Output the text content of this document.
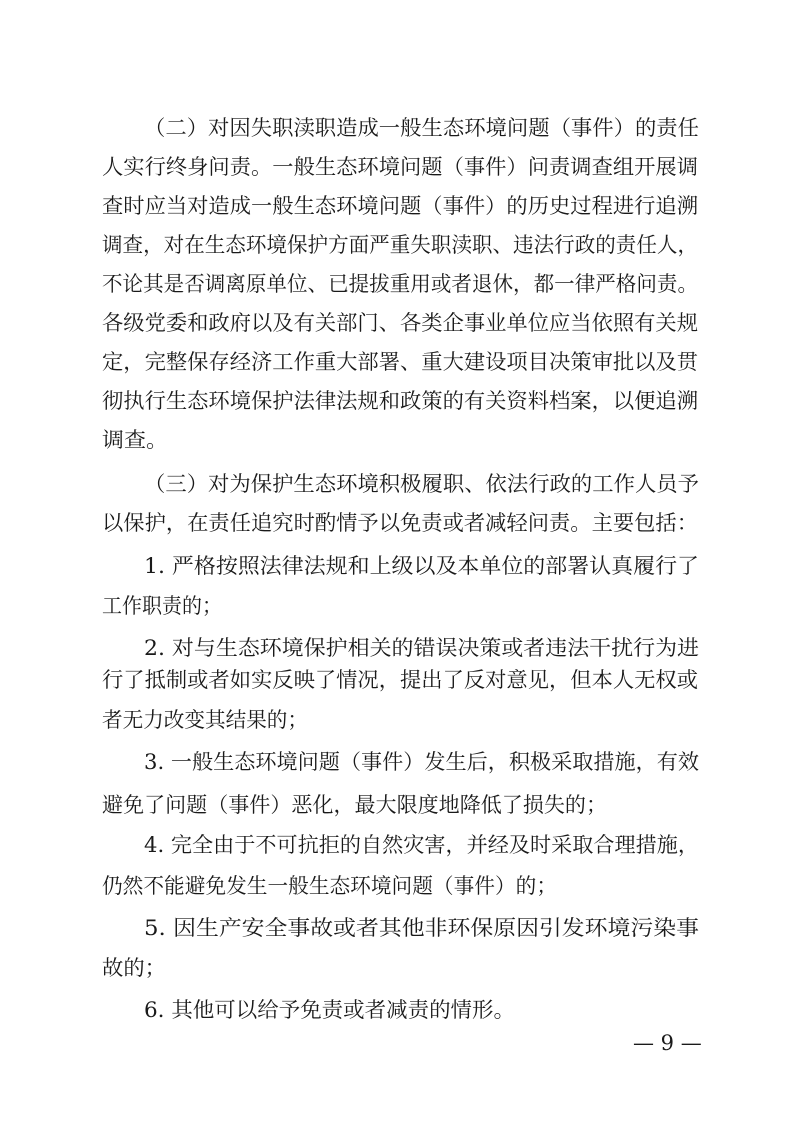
（二）对因失职渎职造成一般生态环境问题（事件）的责任
人实行终身问责。一般生态环境问题（事件）问责调查组开展调
查时应当对造成一般生态环境问题（事件）的历史过程进行追溯
调查，对在生态环境保护方面严重失职渎职、违法行政的责任人，
不论其是否调离原单位、已提拔重用或者退休，都一律严格问责。
各级党委和政府以及有关部门、各类企事业单位应当依照有关规
定，完整保存经济工作重大部署、重大建设项目决策审批以及贯
彻执行生态环境保护法律法规和政策的有关资料档案，以便追溯
调查。
（三）对为保护生态环境积极履职、依法行政的工作人员予
以保护，在责任追究时酌情予以免责或者减轻问责。主要包括：
1. 严格按照法律法规和上级以及本单位的部署认真履行了
工作职责的；
2. 对与生态环境保护相关的错误决策或者违法干扰行为进
行了抵制或者如实反映了情况，提出了反对意见，但本人无权或
者无力改变其结果的；
3. 一般生态环境问题（事件）发生后，积极采取措施，有效
避免了问题（事件）恶化，最大限度地降低了损失的；
4. 完全由于不可抗拒的自然灾害，并经及时采取合理措施，
仍然不能避免发生一般生态环境问题（事件）的；
5. 因生产安全事故或者其他非环保原因引发环境污染事
故的；
6. 其他可以给予免责或者减责的情形。
— 9 —
